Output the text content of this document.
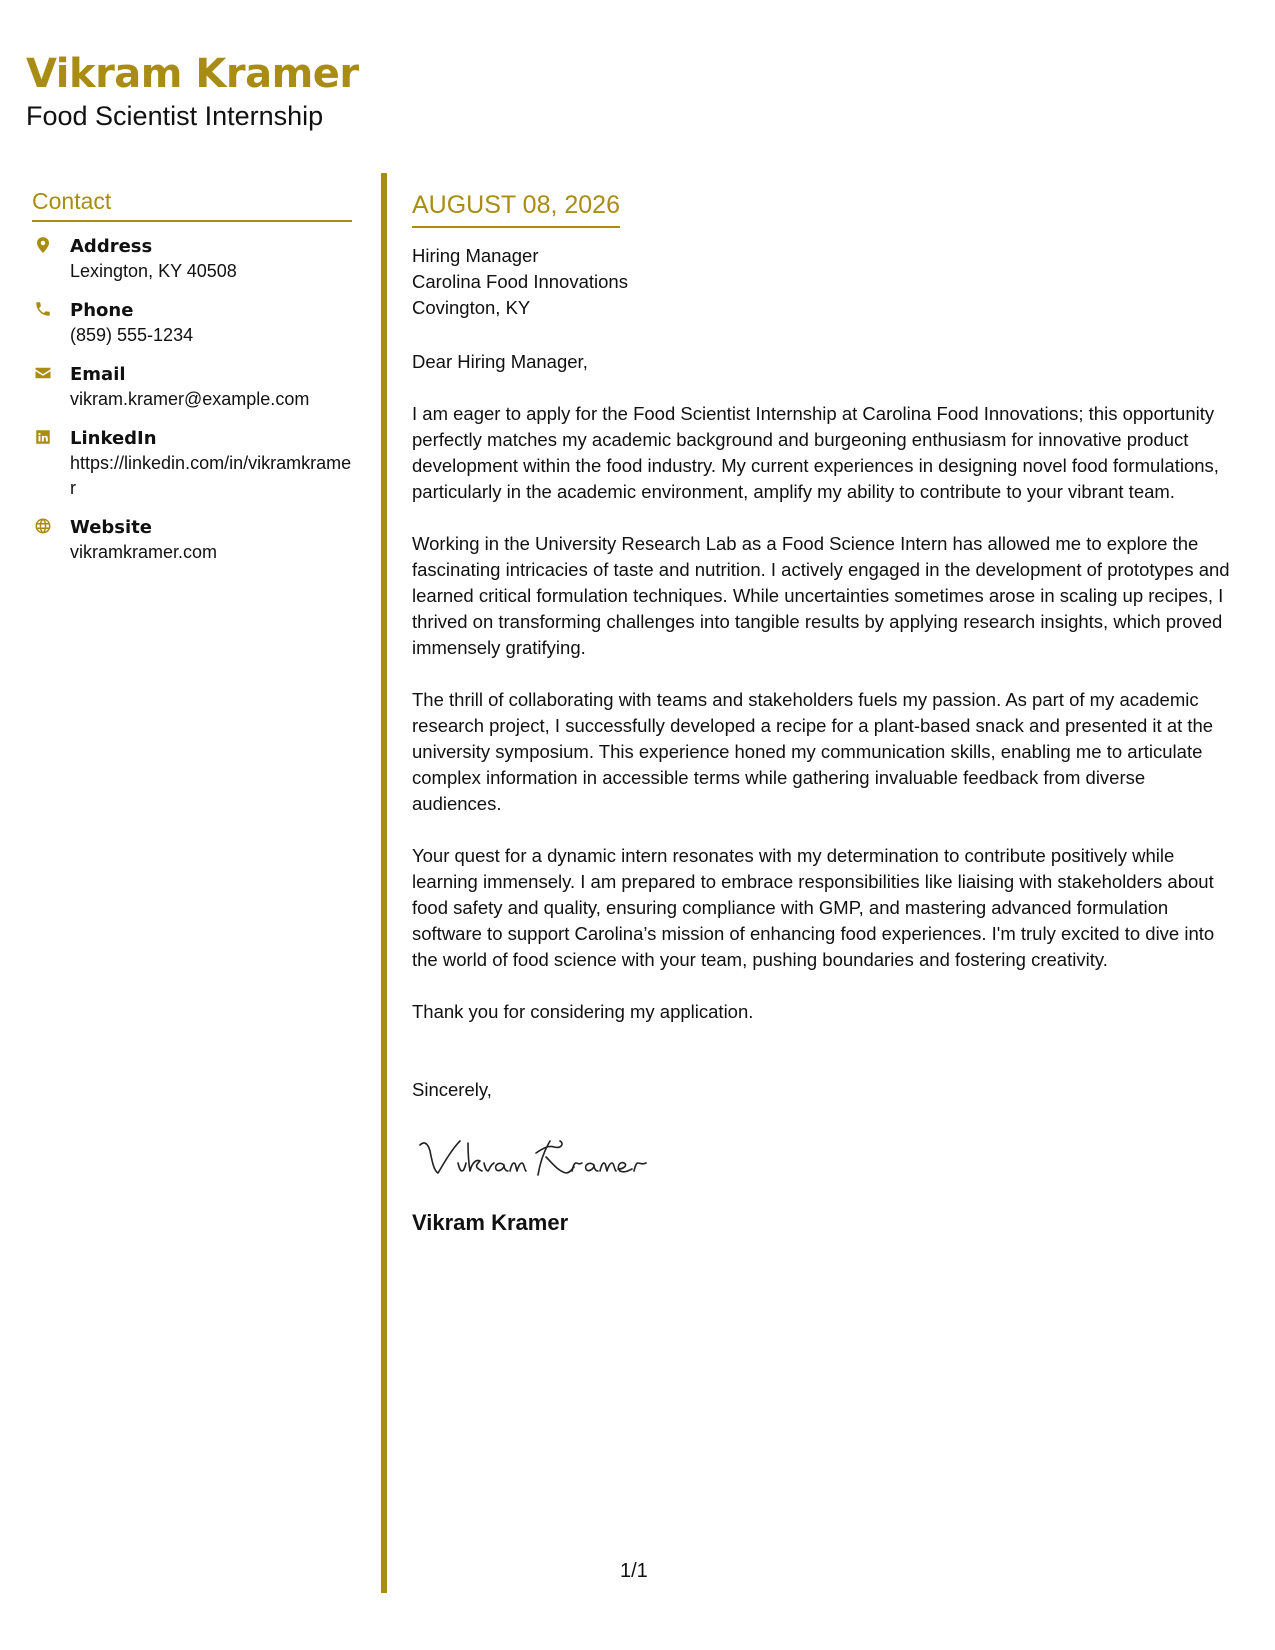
Vikram Kramer
Food Scientist Internship
Contact
Address
Lexington, KY 40508
Phone
(859) 555-1234
Email
vikram.kramer@example.com
LinkedIn
https://linkedin.com/in/vikramkramer
Website
vikramkramer.com
AUGUST 08, 2026
Hiring Manager
Carolina Food Innovations
Covington, KY
Dear Hiring Manager,
I am eager to apply for the Food Scientist Internship at Carolina Food Innovations; this opportunity perfectly matches my academic background and burgeoning enthusiasm for innovative product development within the food industry. My current experiences in designing novel food formulations, particularly in the academic environment, amplify my ability to contribute to your vibrant team.
Working in the University Research Lab as a Food Science Intern has allowed me to explore the fascinating intricacies of taste and nutrition. I actively engaged in the development of prototypes and learned critical formulation techniques. While uncertainties sometimes arose in scaling up recipes, I thrived on transforming challenges into tangible results by applying research insights, which proved immensely gratifying.
The thrill of collaborating with teams and stakeholders fuels my passion. As part of my academic research project, I successfully developed a recipe for a plant-based snack and presented it at the university symposium. This experience honed my communication skills, enabling me to articulate complex information in accessible terms while gathering invaluable feedback from diverse audiences.
Your quest for a dynamic intern resonates with my determination to contribute positively while learning immensely. I am prepared to embrace responsibilities like liaising with stakeholders about food safety and quality, ensuring compliance with GMP, and mastering advanced formulation software to support Carolina’s mission of enhancing food experiences. I'm truly excited to dive into the world of food science with your team, pushing boundaries and fostering creativity.
Thank you for considering my application.
Sincerely,
Vikram Kramer
1/1
